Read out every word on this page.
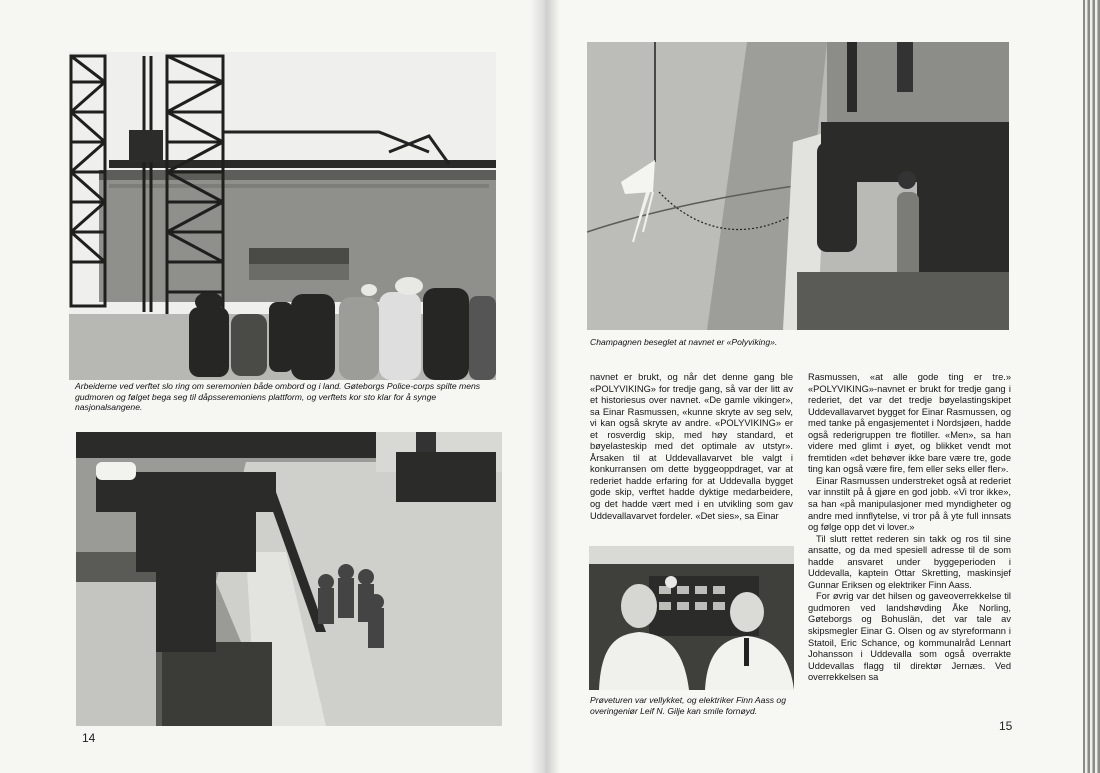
Arbeiderne ved verftet slo ring om seremonien både ombord og i land. Gøteborgs Police-corps spilte mens gudmoren og følget bega seg til dåpsseremoniens plattform, og verftets kor sto klar for å synge nasjonalsangene.
14
Champagnen beseglet at navnet er «Polyviking».

navnet er brukt, og når det denne gang ble «POLYVIKING» for tredje gang, så var der litt av et historiesus over navnet. «De gamle vikinger», sa Einar Rasmussen, «kunne skryte av seg selv, vi kan også skryte av andre. «POLYVIKING» er et rosverdig skip, med høy standard, et bøyelasteskip med det optimale av utstyr». Årsaken til at Uddevallavarvet ble valgt i konkurransen om dette byggeoppdraget, var at rederiet hadde erfaring for at Uddevalla bygget gode skip, verftet hadde dyktige medarbeidere, og det hadde vært med i en utvikling som gav Uddevallavarvet fordeler. «Det sies», sa Einar

Prøveturen var vellykket, og elektriker Finn Aass og overingeniør Leif N. Gilje kan smile fornøyd.

Rasmussen, «at alle gode ting er tre.» «POLYVIKING»-navnet er brukt for tredje gang i rederiet, det var det tredje bøyelastingskipet Uddevallavarvet bygget for Einar Rasmussen, og med tanke på engasjementet i Nordsjøen, hadde også rederigruppen tre flotiller. «Men», sa han videre med glimt i øyet, og blikket vendt mot fremtiden «det behøver ikke bare være tre, gode ting kan også være fire, fem eller seks eller fler».

Einar Rasmussen understreket også at rederiet var innstilt på å gjøre en god jobb. «Vi tror ikke», sa han «på manipulasjoner med myndigheter og andre med innflytelse, vi tror på å yte full innsats og følge opp det vi lover.»

Til slutt rettet rederen sin takk og ros til sine ansatte, og da med spesiell adresse til de som hadde ansvaret under byggeperioden i Uddevalla, kaptein Ottar Skretting, maskinsjef Gunnar Eriksen og elektriker Finn Aass.

For øvrig var det hilsen og gaveoverrekkelse til gudmoren ved landshøvding Åke Norling, Gøteborgs og Bohuslän, det var tale av skipsmegler Einar G. Olsen og av styreformann i Statoil, Eric Schance, og kommunalråd Lennart Johansson i Uddevalla som også overrakte Uddevallas flagg til direktør Jernæs. Ved overrekkelsen sa

15
